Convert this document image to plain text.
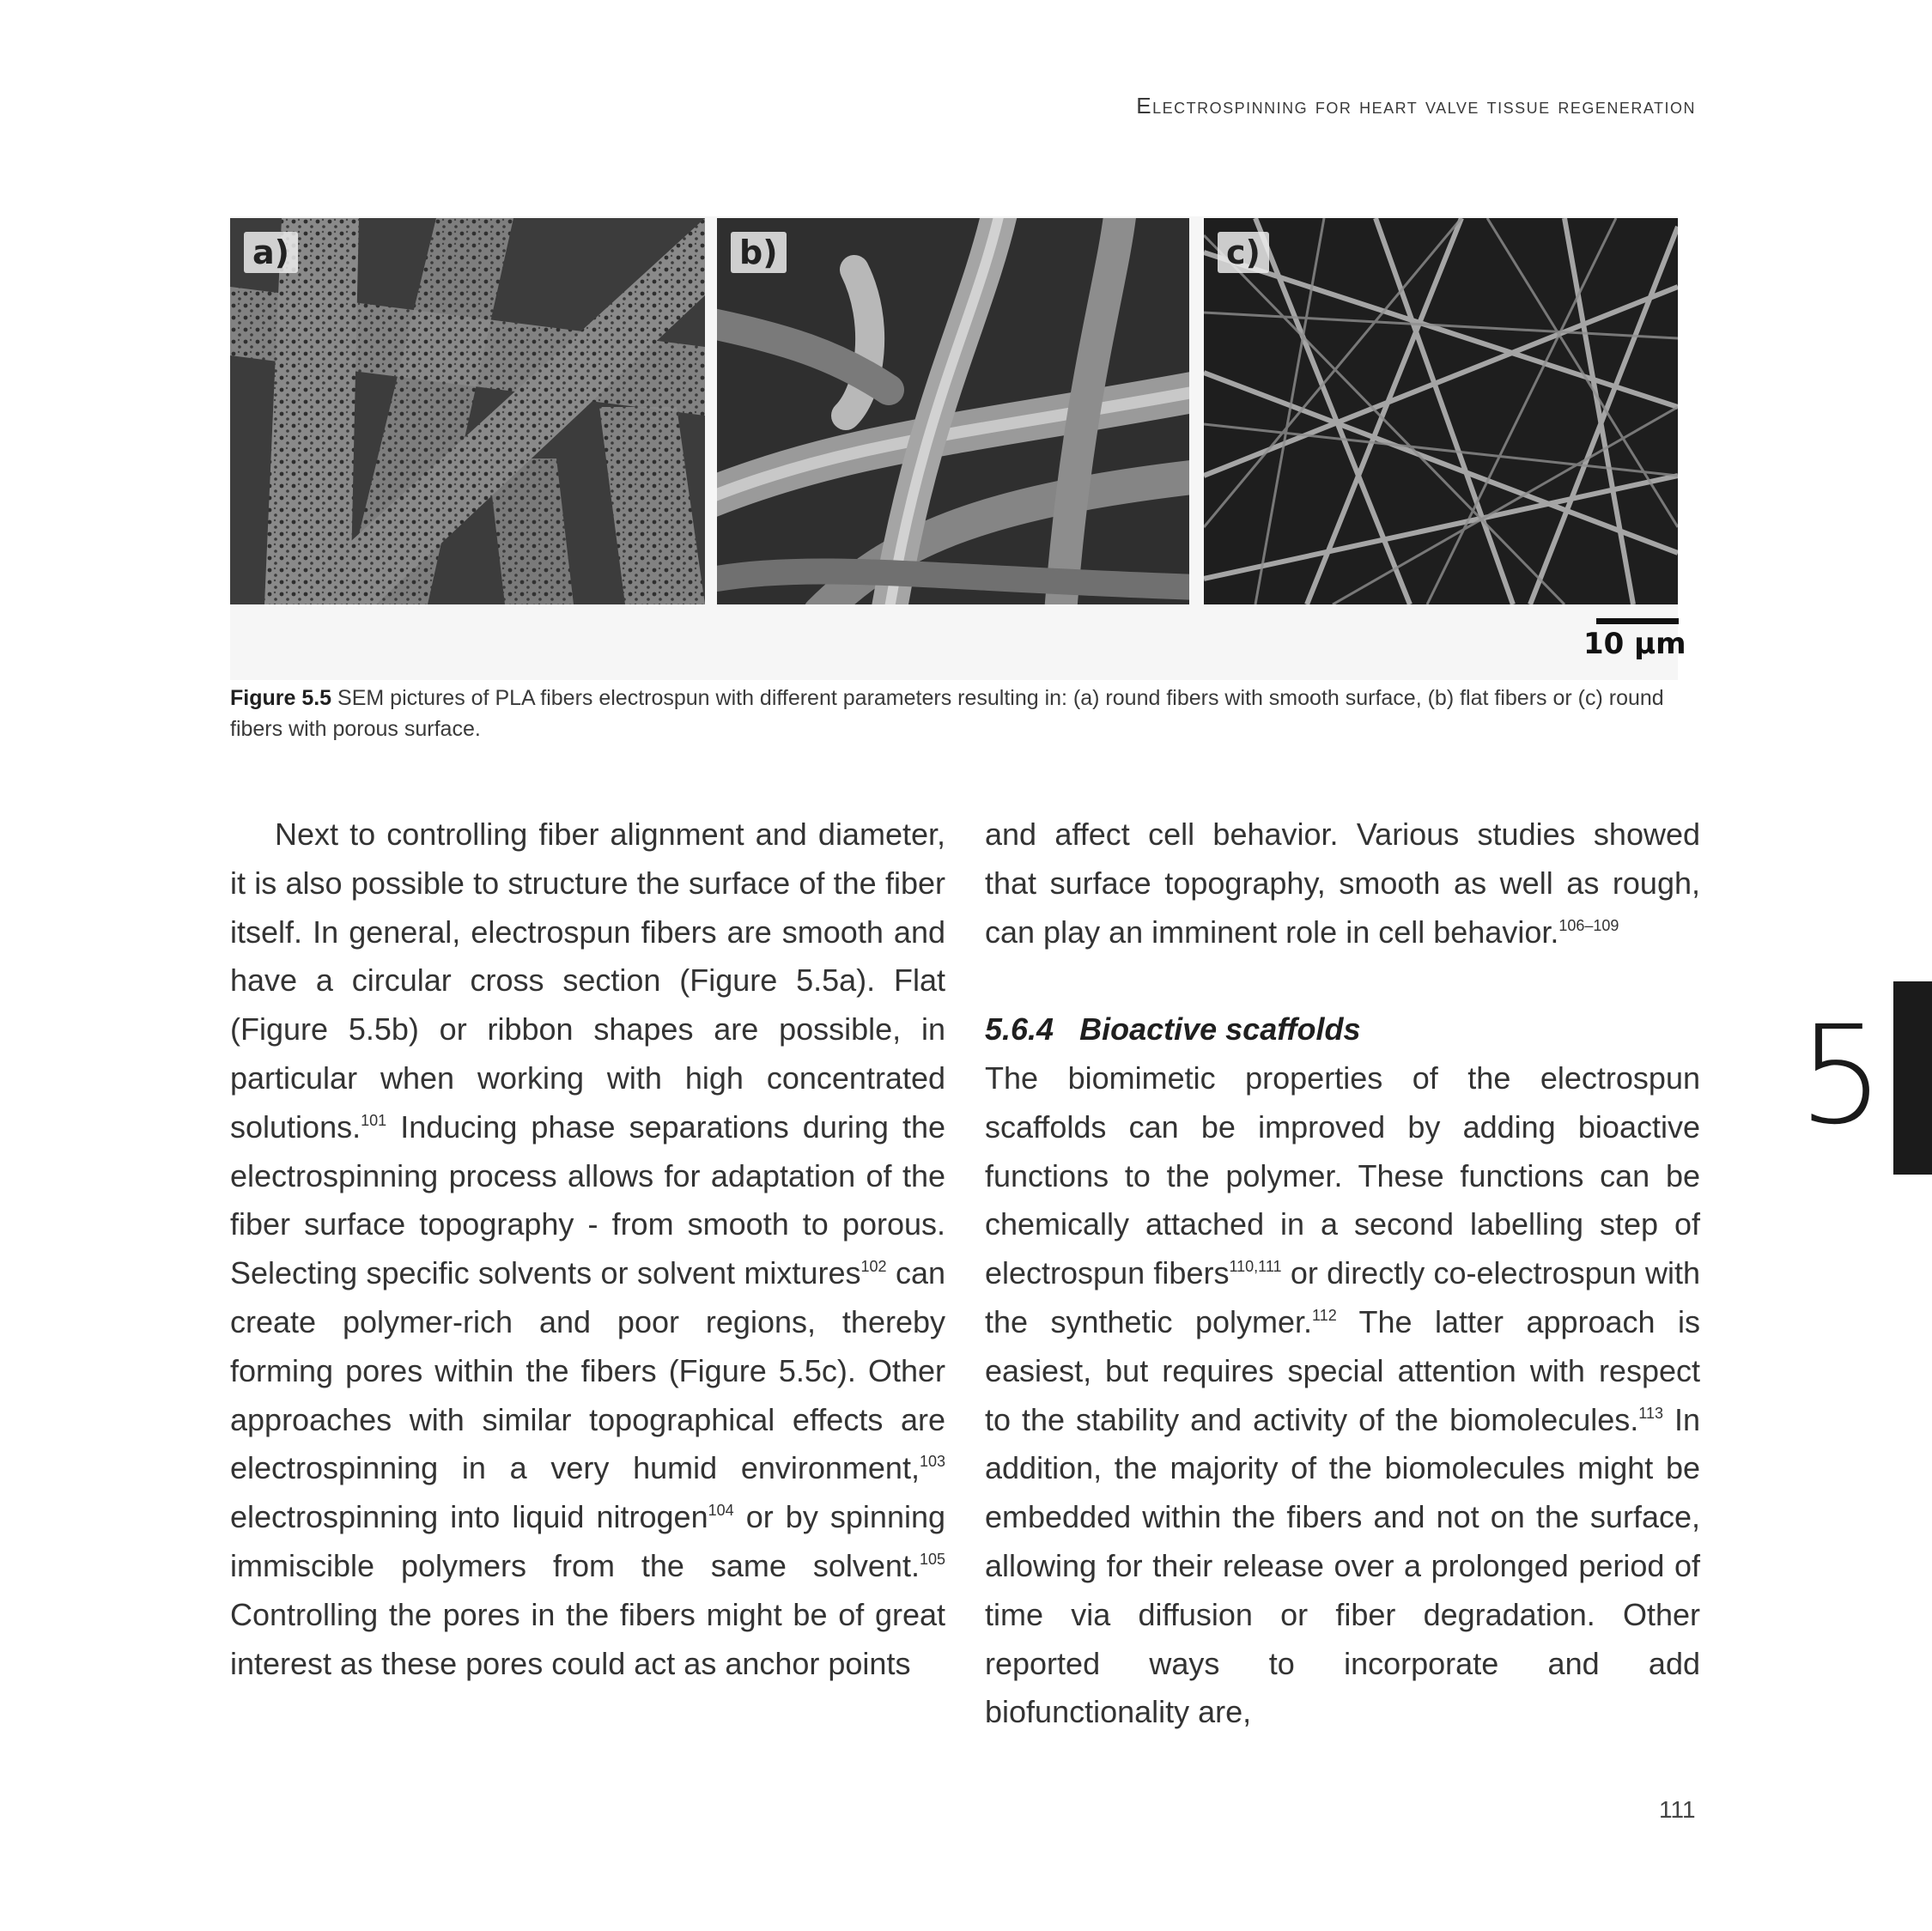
Electrospinning for heart valve tissue regeneration
a)	b)	c)
10 µm
Figure 5.5 SEM pictures of PLA fibers electrospun with different parameters resulting in: (a) round fibers with smooth surface, (b) flat fibers or (c) round fibers with porous surface.

Next to controlling fiber alignment and diameter, it is also possible to structure the surface of the fiber itself. In general, electrospun fibers are smooth and have a circular cross section (Figure 5.5a). Flat (Figure 5.5b) or ribbon shapes are possible, in particular when working with high concentrated solutions.$^{101}$ Inducing phase separations during the electrospinning process allows for adaptation of the fiber surface topography - from smooth to porous. Selecting specific solvents or solvent mixtures$^{102}$ can create polymer-rich and poor regions, thereby forming pores within the fibers (Figure 5.5c). Other approaches with similar topographical effects are electrospinning in a very humid environment,$^{103}$ electrospinning into liquid nitrogen$^{104}$ or by spinning immiscible polymers from the same solvent.$^{105}$ Controlling the pores in the fibers might be of great interest as these pores could act as anchor points

and affect cell behavior. Various studies showed that surface topography, smooth as well as rough, can play an imminent role in cell behavior.$^{106-109}$

5.6.4 Bioactive scaffolds

The biomimetic properties of the electrospun scaffolds can be improved by adding bioactive functions to the polymer. These functions can be chemically attached in a second labelling step of electrospun fibers$^{110,111}$ or directly co-electrospun with the synthetic polymer.$^{112}$ The latter approach is easiest, but requires special attention with respect to the stability and activity of the biomolecules.$^{113}$ In addition, the majority of the biomolecules might be embedded within the fibers and not on the surface, allowing for their release over a prolonged period of time via diffusion or fiber degradation. Other reported ways to incorporate and add biofunctionality are,

5
111
